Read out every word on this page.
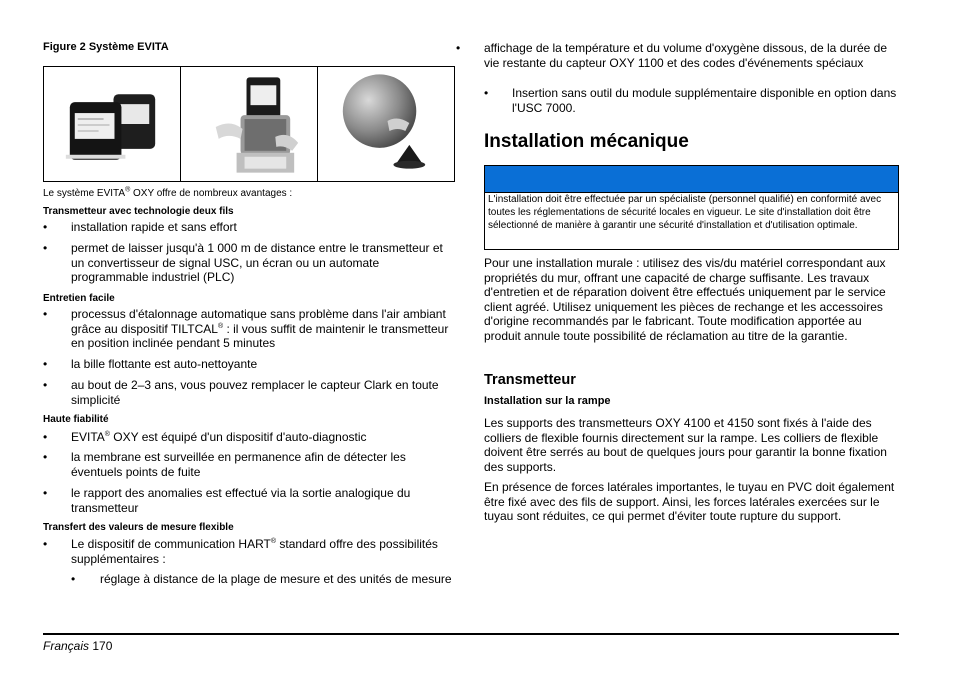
Figure 2 Système EVITA
Le système EVITA® OXY offre de nombreux avantages :
Transmetteur avec technologie deux fils
• installation rapide et sans effort
• permet de laisser jusqu'à 1 000 m de distance entre le transmetteur et un convertisseur de signal USC, un écran ou un automate programmable industriel (PLC)
Entretien facile
• processus d'étalonnage automatique sans problème dans l'air ambiant grâce au dispositif TILTCAL® : il vous suffit de maintenir le transmetteur en position inclinée pendant 5 minutes
• la bille flottante est auto-nettoyante
• au bout de 2–3 ans, vous pouvez remplacer le capteur Clark en toute simplicité
Haute fiabilité
• EVITA® OXY est équipé d'un dispositif d'auto-diagnostic
• la membrane est surveillée en permanence afin de détecter les éventuels points de fuite
• le rapport des anomalies est effectué via la sortie analogique du transmetteur
Transfert des valeurs de mesure flexible
• Le dispositif de communication HART® standard offre des possibilités supplémentaires :
• réglage à distance de la plage de mesure et des unités de mesure
• affichage de la température et du volume d'oxygène dissous, de la durée de vie restante du capteur OXY 1100 et des codes d'événements spéciaux
• Insertion sans outil du module supplémentaire disponible en option dans l'USC 7000.
Installation mécanique
L'installation doit être effectuée par un spécialiste (personnel qualifié) en conformité avec toutes les réglementations de sécurité locales en vigueur. Le site d'installation doit être sélectionné de manière à garantir une sécurité d'installation et d'utilisation optimale.
Pour une installation murale : utilisez des vis/du matériel correspondant aux propriétés du mur, offrant une capacité de charge suffisante. Les travaux d'entretien et de réparation doivent être effectués uniquement par le service client agréé. Utilisez uniquement les pièces de rechange et les accessoires d'origine recommandés par le fabricant. Toute modification apportée au produit annule toute possibilité de réclamation au titre de la garantie.
Transmetteur
Installation sur la rampe
Les supports des transmetteurs OXY 4100 et 4150 sont fixés à l'aide des colliers de flexible fournis directement sur la rampe. Les colliers de flexible doivent être serrés au bout de quelques jours pour garantir la bonne fixation des supports.
En présence de forces latérales importantes, le tuyau en PVC doit également être fixé avec des fils de support. Ainsi, les forces latérales exercées sur le tuyau sont réduites, ce qui permet d'éviter toute rupture du support.
Français 170
